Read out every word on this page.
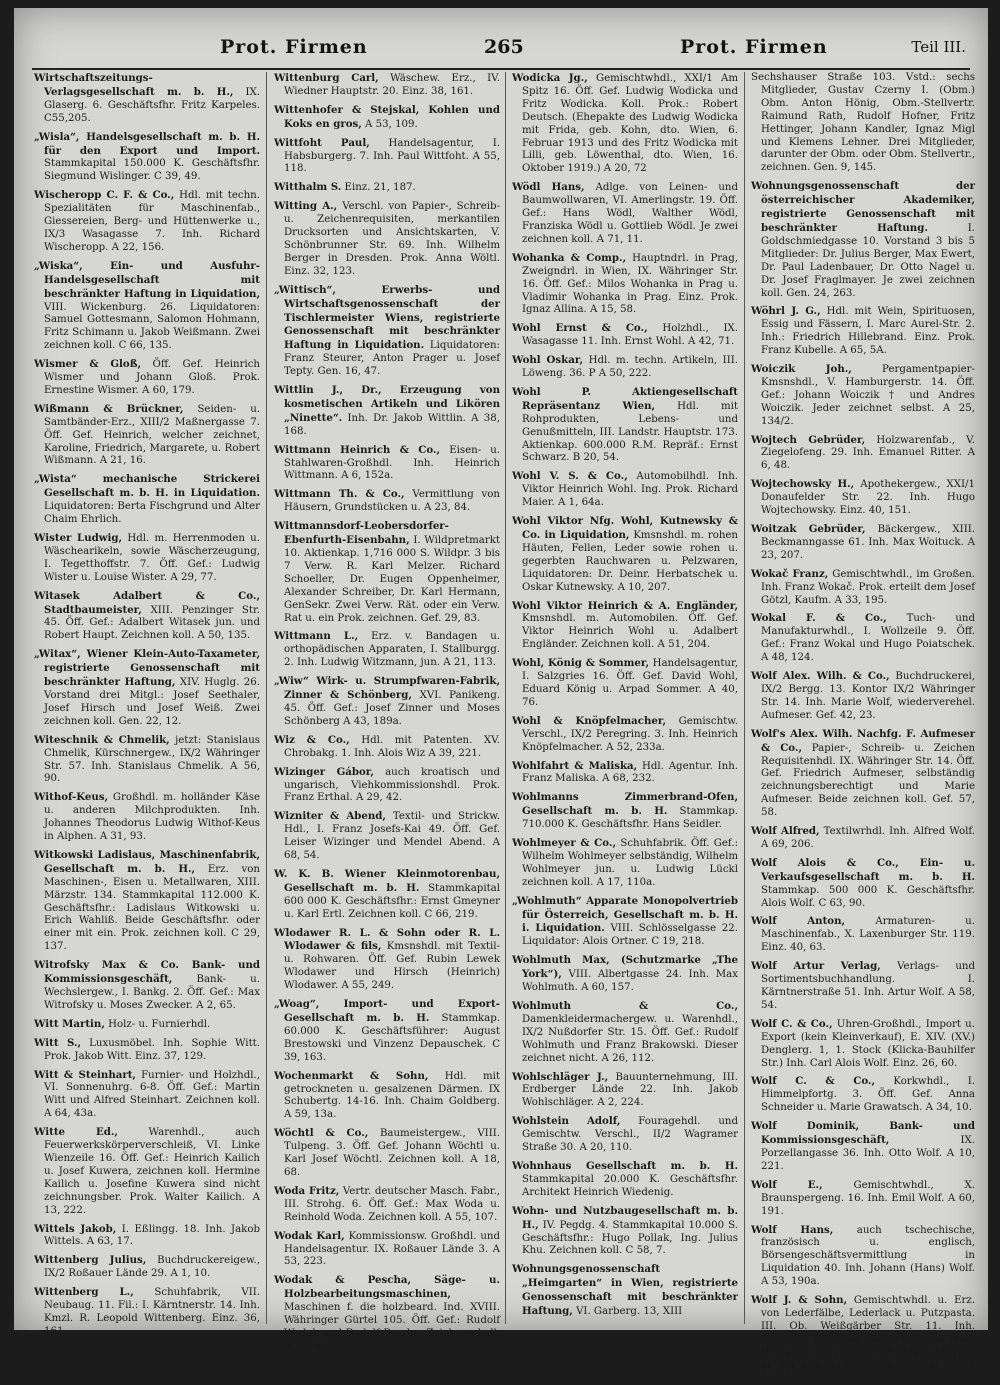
Prot. Firmen	265	Prot. Firmen	Teil III.
Wirtschaftszeitungs-Verlagsgesellschaft m. b. H., IX. Glaserg. 6. Geschäftsfhr. Fritz Karpeles. C55,205.
„Wisla“, Handelsgesellschaft m. b. H. für den Export und Import. Stammkapital 150.000 K. Geschäftsfhr. Siegmund Wislinger. C 39, 49.
Wischeropp C. F. & Co., Hdl. mit techn. Spezialitäten für Maschinenfab., Giessereien, Berg- und Hüttenwerke u., IX/3 Wasagasse 7. Inh. Richard Wischeropp. A 22, 156.
„Wiska“, Ein- und Ausfuhr-Handelsgesellschaft mit beschränkter Haftung in Liquidation, VIII. Wickenburg. 26. Liquidatoren: Samuel Gottesmann, Salomon Hohmann, Fritz Schimann u. Jakob Weißmann. Zwei zeichnen koll. C 66, 135.
Wismer & Gloß, Öff. Gef. Heinrich Wismer und Johann Gloß. Prok. Ernestine Wismer. A 60, 179.
Wißmann & Brückner, Seiden- u. Samtbänder-Erz., XIII/2 Maßnergasse 7. Öff. Gef. Heinrich, welcher zeichnet, Karoline, Friedrich, Margarete, u. Robert Wißmann. A 21, 16.
„Wista“ mechanische Strickerei Gesellschaft m. b. H. in Liquidation. Liquidatoren: Berta Fischgrund und Alter Chaim Ehrlich.
Wister Ludwig, Hdl. m. Herrenmoden u. Wäschearikeln, sowie Wäscherzeugung, I. Tegetthoffstr. 7. Öff. Gef.: Ludwig Wister u. Louise Wister. A 29, 77.
Witasek Adalbert & Co., Stadtbaumeister, XIII. Penzinger Str. 45. Öff. Gef.: Adalbert Witasek jun. und Robert Haupt. Zeichnen koll. A 50, 135.
„Witax“, Wiener Klein-Auto-Taxameter, registrierte Genossenschaft mit beschränkter Haftung, XIV. Huglg. 26. Vorstand drei Mitgl.: Josef Seethaler, Josef Hirsch und Josef Weiß. Zwei zeichnen koll. Gen. 22, 12.
Witeschnik & Chmelik, jetzt: Stanislaus Chmelik, Kürschnergew., IX/2 Währinger Str. 57. Inh. Stanislaus Chmelik. A 56, 90.
Withof-Keus, Großhdl. m. holländer Käse u. anderen Milchprodukten. Inh. Johannes Theodorus Ludwig Withof-Keus in Alphen. A 31, 93.
Witkowski Ladislaus, Maschinenfabrik, Gesellschaft m. b. H., Erz. von Maschinen-, Eisen u. Metallwaren, XIII. Märzstr. 134. Stammkapital 112.000 K. Geschäftsfhr.: Ladislaus Witkowski u. Erich Wahliß. Beide Geschäftsfhr. oder einer mit ein. Prok. zeichnen koll. C 29, 137.
Witrofsky Max & Co. Bank- und Kommissionsgeschäft, Bank- u. Wechslergew., I. Bankg. 2. Öff. Gef.: Max Witrofsky u. Moses Zwecker. A 2, 65.
Witt Martin, Holz- u. Furnierhdl.
Witt S., Luxusmöbel. Inh. Sophie Witt. Prok. Jakob Witt. Einz. 37, 129.
Witt & Steinhart, Furnier- und Holzhdl., VI. Sonnenuhrg. 6-8. Öff. Gef.: Martin Witt und Alfred Steinhart. Zeichnen koll. A 64, 43a.
Witte Ed.,	Warenhdl., auch Feuerwerkskörperverschleiß, VI. Linke Wienzeile 16. Öff. Gef.: Heinrich Kailich u. Josef Kuwera, zeichnen koll. Hermine Kailich u. Josefine Kuwera sind nicht zeichnungsber. Prok. Walter Kailich. A 13, 222.
Wittels Jakob, I. Eßlingg. 18. Inh. Jakob Wittels. A 63, 17.
Wittenberg Julius, Buchdruckereigew., IX/2 Roßauer Lände 29. A 1, 10.
Wittenberg L., Schuhfabrik, VII. Neubaug. 11. Fil.: I. Kärntnerstr. 14. Inh. Kmzl. R. Leopold Wittenberg. Einz. 36, 161.
Wittenburg Carl, Wäschew. Erz., IV. Wiedner Hauptstr. 20. Einz. 38, 161.
Wittenhofer & Stejskal, Kohlen und Koks en gros, A 53, 109.
Wittfoht Paul, Handelsagentur, I. Habsburgerg. 7. Inh. Paul Wittfoht. A 55, 118.
Witthalm S. Einz. 21, 187.
Witting A., Verschl. von Papier-, Schreib- u. Zeichenrequisiten, merkantilen Drucksorten und Ansichtskarten, V. Schönbrunner Str. 69. Inh. Wilhelm Berger in Dresden. Prok. Anna Wöltl. Einz. 32, 123.
„Wittisch“, Erwerbs- und Wirtschaftsgenossenschaft der Tischlermeister Wiens, registrierte Genossenschaft mit beschränkter Haftung in Liquidation. Liquidatoren: Franz Steurer, Anton Prager u. Josef Tepty. Gen. 16, 47.
Wittlin J., Dr., Erzeugung von kosmetischen Artikeln und Likören „Ninette“. Inh. Dr. Jakob Wittlin. A 38, 168.
Wittmann Heinrich & Co., Eisen- u. Stahlwaren-Großhdl. Inh. Heinrich Wittmann. A 6, 152a.
Wittmann Th. & Co., Vermittlung von Häusern, Grundstücken u. A 23, 84.
Wittmannsdorf-Leobersdorfer-Ebenfurth-Eisenbahn, I. Wildpretmarkt 10. Aktienkap. 1,716 000 S. Wildpr. 3 bis 7 Verw. R. Karl Melzer. Richard Schoeller, Dr. Eugen Oppenheimer, Alexander Schreiber, Dr. Karl Hermann, GenSekr. Zwei Verw. Rät. oder ein Verw. Rat u. ein Prok. zeichnen. Gef. 29, 83.
Wittmann L., Erz. v. Bandagen u. orthopädischen Apparaten, I. Stallburgg. 2. Inh. Ludwig Witzmann, jun. A 21, 113.
„Wiw“ Wirk- u. Strumpfwaren-Fabrik, Zinner & Schönberg, XVI. Panikeng. 45. Öff. Gef.: Josef Zinner und Moses Schönberg A 43, 189a.
Wiz & Co., Hdl. mit Patenten. XV. Chrobakg. 1. Inh. Alois Wiz A 39, 221.
Wizinger Gábor, auch kroatisch und ungarisch, Viehkommissionshdl. Prok. Franz Erthal. A 29, 42.
Wizniter & Abend, Textil- und Strickw. Hdl., I. Franz Josefs-Kai 49. Öff. Gef. Leiser Wizinger und Mendel Abend. A 68, 54.
W. K. B. Wiener Kleinmotorenbau, Gesellschaft m. b. H. Stammkapital 600 000 K. Geschäftsfhr.: Ernst Gmeyner u. Karl Ertl. Zeichnen koll. C 66, 219.
Wlodawer R. L. & Sohn oder R. L. Wlodawer & fils, Kmsnshdl. mit Textil- u. Rohwaren. Öff. Gef. Rubin Lewek Wlodawer und Hirsch (Heinrich) Wlodawer. A 55, 249.
„Woag“, Import- und Export-Gesellschaft m. b. H. Stammkap. 60.000 K. Geschäftsführer: August Brestowski und Vinzenz Depauschek. C 39, 163.
Wochenmarkt & Sohn, Hdl. mit getrockneten u. gesalzenen Därmen. IX Schubertg. 14-16. Inh. Chaim Goldberg. A 59, 13a.
Wöchtl & Co., Baumeistergew., VIII. Tulpeng. 3. Öff. Gef. Johann Wöchtl u. Karl Josef Wöchtl. Zeichnen koll. A 18, 68.
Woda Fritz, Vertr. deutscher Masch. Fabr., III. Strohg. 6. Öff. Gef.: Max Woda u. Reinhold Woda. Zeichnen koll. A 55, 107.
Wodak Karl, Kommissionsw. Großhdl. und Handelsagentur. IX. Roßauer Lände 3. A 53, 223.
Wodak & Pescha, Säge- u. Holzbearbeitungsmaschinen, Maschinen f. die holzbeard. Ind. XVIII. Währinger Gürtel 105. Öff. Gef.: Rudolf Wodak und Rudolf Pescha. Zeichnen koll. A 20, 42.
Wodicka Jg., Gemischtwhdl., XXI/1 Am Spitz 16. Öff. Gef. Ludwig Wodicka und Fritz Wodicka. Koll. Prok.: Robert Deutsch. (Ehepakte des Ludwig Wodicka mit Frida, geb. Kohn, dto. Wien, 6. Februar 1913 und des Fritz Wodicka mit Lilli, geb. Löwenthal, dto. Wien, 16. Oktober 1919.) A 20, 72
Wödl Hans, Adlge. von Leinen- und Baumwollwaren, VI. Amerlingstr. 19. Öff. Gef.: Hans Wödl, Walther Wödl, Franziska Wödl u. Gottlieb Wödl. Je zwei zeichnen koll. A 71, 11.
Wohanka & Comp., Hauptndrl. in Prag, Zweigndrl. in Wien, IX. Währinger Str. 16. Öff. Gef.: Milos Wohanka in Prag u. Vladimir Wohanka in Prag. Einz. Prok. Ignaz Allina. A 15, 58.
Wohl Ernst & Co., Holzhdl., IX. Wasagasse 11. Inh. Ernst Wohl. A 42, 71.
Wohl Oskar, Hdl. m. techn. Artikeln, III. Löweng. 36. P A 50, 222.
Wohl P. Aktiengesellschaft Repräsentanz Wien, Hdl. mit Rohprodukten, Lebens- und Genußmitteln, III. Landstr. Hauptstr. 173. Aktienkap. 600.000 R.M. Repräf.: Ernst Schwarz. B 20, 54.
Wohl V. S. & Co., Automobilhdl. Inh. Viktor Heinrich Wohl. Ing. Prok. Richard Maier. A 1, 64a.
Wohl Viktor Nfg. Wohl, Kutnewsky & Co. in Liquidation, Kmsnshdl. m. rohen Häuten, Fellen, Leder sowie rohen u. gegerbten Rauchwaren u. Pelzwaren, Liquidatoren: Dr. Deinr. Herbatschek u. Oskar Kutnewsky. A 10, 207.
Wohl Viktor Heinrich & A. Engländer, Kmsnshdl. m. Automobilen. Öff. Gef. Viktor Heinrich Wohl u. Adalbert Engländer. Zeichnen koll. A 51, 204.
Wohl, König & Sommer, Handelsagentur, I. Salzgries 16. Öff. Gef. David Wohl, Eduard König u. Arpad Sommer. A 40, 76.
Wohl & Knöpfelmacher, Gemischtw. Verschl., IX/2 Peregring. 3. Inh. Heinrich Knöpfelmacher. A 52, 233a.
Wohlfahrt & Maliska, Hdl. Agentur. Inh. Franz Maliska. A 68, 232.
Wohlmanns Zimmerbrand-Ofen, Gesellschaft m. b. H. Stammkap. 710.000 K. Geschäftsfhr. Hans Seidler.
Wohlmeyer & Co., Schuhfabrik. Öff. Gef.: Wilhelm Wohlmeyer selbständig, Wilhelm Wohlmeyer jun. u. Ludwig Lückl zeichnen koll. A 17, 110a.
„Wohlmuth“ Apparate Monopolvertrieb für Österreich, Gesellschaft m. b. H. i. Liquidation. VIII. Schlösselgasse 22. Liquidator: Alois Ortner. C 19, 218.
Wohlmuth Max, (Schutzmarke „The York“), VIII. Albertgasse 24. Inh. Max Wohlmuth. A 60, 157.
Wohlmuth & Co., Damenkleidermachergew. u. Warenhdl., IX/2 Nußdorfer Str. 15. Öff. Gef.: Rudolf Wohlmuth und Franz Brakowski. Dieser zeichnet nicht. A 26, 112.
Wohlschläger J., Bauunternehmung, III. Erdberger Lände 22. Inh. Jakob Wohlschläger. A 2, 224.
Wohlstein Adolf, Fouragehdl. und Gemischtw. Verschl., II/2 Wagramer Straße 30. A 20, 110.
Wohnhaus Gesellschaft m. b. H. Stammkapital 20.000 K. Geschäftsfhr. Architekt Heinrich Wiedenig.
Wohn- und Nutzbaugesellschaft m. b. H., IV. Pegdg. 4. Stammkapital 10.000 S. Geschäftsfhr.: Hugo Pollak, Ing. Julius Khu. Zeichnen koll. C 58, 7.
Wohnungsgenossenschaft „Heimgarten“ in Wien, registrierte Genossenschaft mit beschränkter Haftung, VI. Garberg. 13, XIII
Sechshauser Straße 103. Vstd.: sechs Mitglieder, Gustav Czerny I. (Obm.) Obm. Anton Hönig, Obm.-Stellvertr. Raimund Rath, Rudolf Hofner, Fritz Hettinger, Johann Kandler, Ignaz Migl und Klemens Lehner. Drei Mitglieder, darunter der Obm. oder Obm. Stellvertr., zeichnen. Gen. 9, 145.
Wohnungsgenossenschaft der österreichischer Akademiker, registrierte Genossenschaft mit beschränkter Haftung.	I. Goldschmiedgasse 10. Vorstand 3 bis 5 Mitglieder: Dr. Julius Berger, Max Ewert, Dr. Paul Ladenbauer, Dr. Otto Nagel u. Dr. Josef Fraglmayer. Je zwei zeichnen koll. Gen. 24, 263.
Wöhrl J. G., Hdl. mit Wein, Spirituosen, Essig und Fässern, I. Marc Aurel-Str. 2. Inh.: Friedrich Hillebrand. Einz. Prok. Franz Kubelle. A 65, 5A.
Woiczik Joh.,	Pergamentpapier-Kmsnshdl., V. Hamburgerstr. 14. Öff. Gef.: Johann Woiczik † und Andres Woiczik. Jeder zeichnet selbst. A 25, 134/2.
Wojtech Gebrüder, Holzwarenfab., V. Ziegelofeng. 29. Inh. Emanuel Ritter. A 6, 48.
Wojtechowsky H., Apothekergew., XXI/1 Donaufelder Str. 22. Inh. Hugo Wojtechowsky. Einz. 40, 151.
Woitzak Gebrüder, Bäckergew., XIII. Beckmanngasse 61. Inh. Max Woituck. A 23, 207.
Wokač Franz, Gemischtwhdl., im Großen. Inh. Franz Wokač. Prok. erteilt dem Josef Götzl, Kaufm. A 33, 195.
Wokal F. & Co., Tuch- und Manufakturwhdl., I. Wollzeile 9. Öff. Gef.: Franz Wokal und Hugo Poiatschek. A 48, 124.
Wolf Alex. Wilh. & Co., Buchdruckerei, IX/2 Bergg. 13. Kontor IX/2 Währinger Str. 14. Inh. Marie Wolf, wiederverehel. Aufmeser. Gef. 42, 23.
Wolf's Alex. Wilh. Nachfg. F. Aufmeser & Co., Papier-, Schreib- u. Zeichen Requisitenhdl. IX. Währinger Str. 14. Öff. Gef. Friedrich Aufmeser, selbständig zeichnungsberechtigt und Marie Aufmeser. Beide zeichnen koll. Gef. 57, 58.
Wolf Alfred, Textilwrhdl. Inh. Alfred Wolf. A 69, 206.
Wolf Alois & Co., Ein- u. Verkaufsgesellschaft m. b. H. Stammkap. 500 000 K. Geschäftsfhr. Alois Wolf. C 63, 90.
Wolf Anton,	Armaturen- u. Maschinenfab., X. Laxenburger Str. 119. Einz. 40, 63.
Wolf Artur Verlag, Verlags- und Sortimentsbuchhandlung. I. Kärntnerstraße 51. Inh. Artur Wolf. A 58, 54.
Wolf C. & Co., Uhren-Großhdl., Import u. Export (kein Kleinverkauf), E. XIV. (XV.) Denglerg. 1, 1. Stock (Klicka-Bauhilfer Str.) Inh. Carl Alois Wolf. Einz. 26, 60.
Wolf C. & Co., Korkwhdl., I. Himmelpfortg. 3. Öff. Gef. Anna Schneider u. Marie Grawatsch. A 34, 10.
Wolf Dominik, Bank- und Kommissionsgeschäft,	IX. Porzellangasse 36. Inh. Otto Wolf. A 10, 221.
Wolf E.,	Gemischtwhdl., X. Braunspergeng. 16. Inh. Emil Wolf. A 60, 191.
Wolf Hans, auch tschechische, französisch u. englisch, Börsengeschäftsvermittlung in Liquidation 40. Inh. Johann (Hans) Wolf. A 53, 190a.
Wolf J. & Sohn, Gemischtwhdl. u. Erz. von Lederfälbe, Lederlack u. Putzpasta. III. Ob. Weißgärber Str. 11. Inh. Siegfried Reginald Wolf. Prok. Ida Wolf. (Ehepakte des Siegfried Reginald Wolf m. Ida, geb. Südfeld, dto. 23. Mai 1898.) A 8, 32.
